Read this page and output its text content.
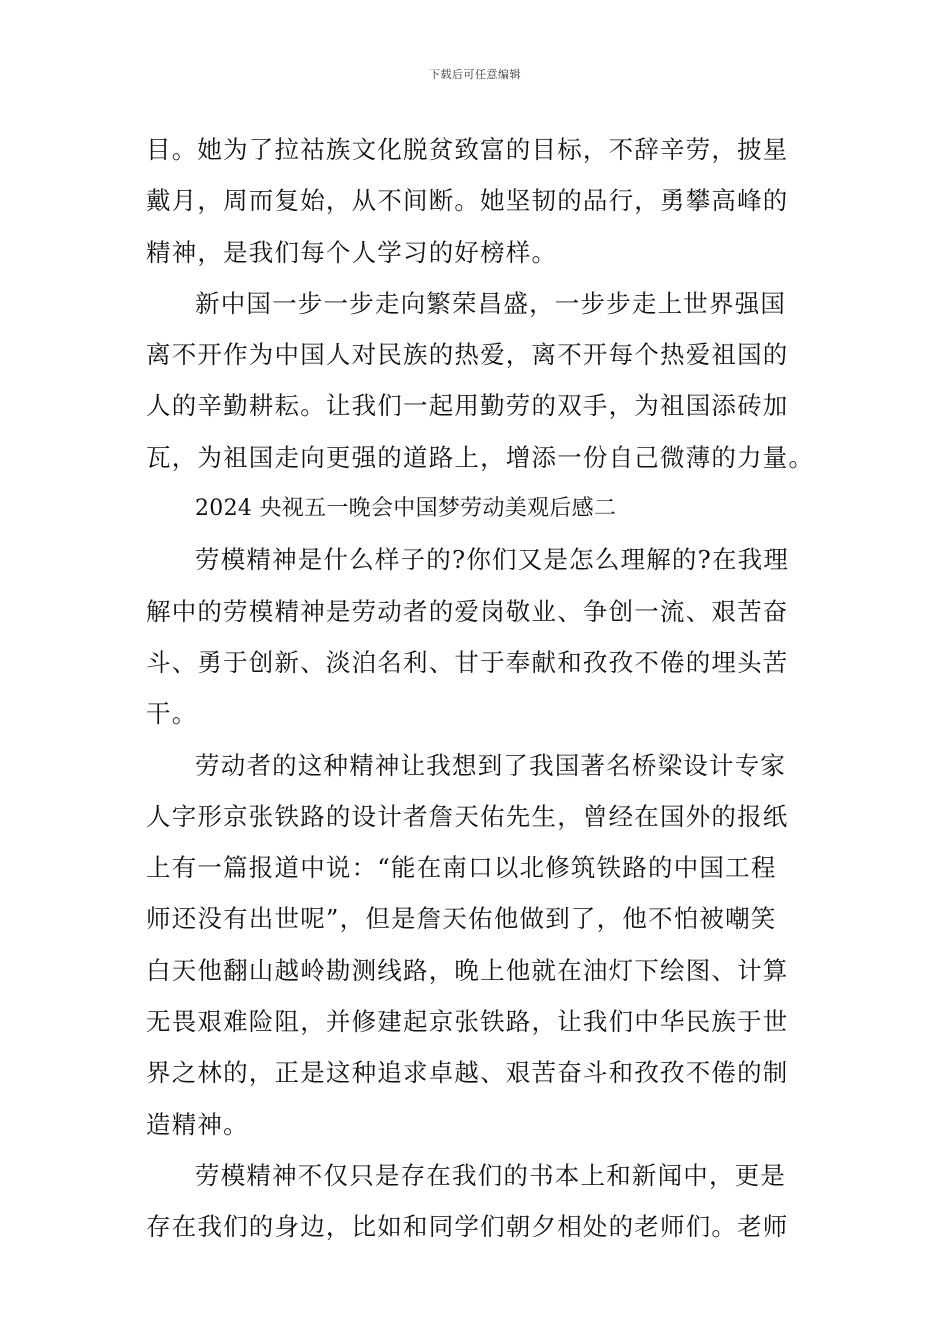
下载后可任意编辑
目。她为了拉祜族文化脱贫致富的目标，不辞辛劳，披星
戴月，周而复始，从不间断。她坚韧的品行，勇攀高峰的
精神，是我们每个人学习的好榜样。
新中国一步一步走向繁荣昌盛，一步步走上世界强国
离不开作为中国人对民族的热爱，离不开每个热爱祖国的
人的辛勤耕耘。让我们一起用勤劳的双手，为祖国添砖加
瓦，为祖国走向更强的道路上，增添一份自己微薄的力量。
2024 央视五一晚会中国梦劳动美观后感二
劳模精神是什么样子的?你们又是怎么理解的?在我理
解中的劳模精神是劳动者的爱岗敬业、争创一流、艰苦奋
斗、勇于创新、淡泊名利、甘于奉献和孜孜不倦的埋头苦
干。
劳动者的这种精神让我想到了我国著名桥梁设计专家
人字形京张铁路的设计者詹天佑先生，曾经在国外的报纸
上有一篇报道中说：“能在南口以北修筑铁路的中国工程
师还没有出世呢”，但是詹天佑他做到了，他不怕被嘲笑
白天他翻山越岭勘测线路，晚上他就在油灯下绘图、计算
无畏艰难险阻，并修建起京张铁路，让我们中华民族于世
界之林的，正是这种追求卓越、艰苦奋斗和孜孜不倦的制
造精神。
劳模精神不仅只是存在我们的书本上和新闻中，更是
存在我们的身边，比如和同学们朝夕相处的老师们。老师
